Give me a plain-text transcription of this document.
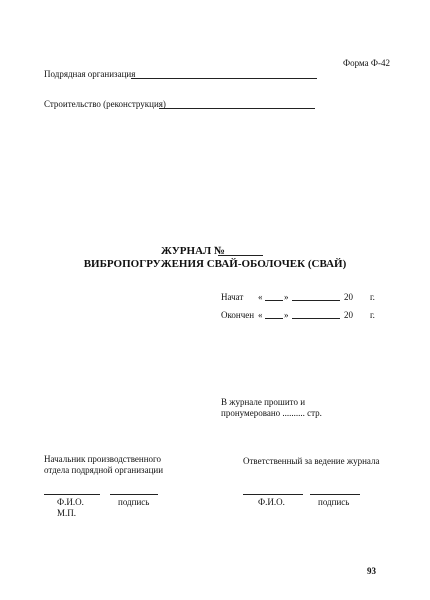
Форма Ф-42
Подрядная организация
Строительство (реконструкция)
ЖУРНАЛ №
ВИБРОПОГРУЖЕНИЯ СВАЙ-ОБОЛОЧЕК (СВАЙ)
Начат « »	20 г.
Окончен « »	20 г.
В журнале прошито и
пронумеровано .......... стр.
Начальник производственного
отдела подрядной организации
Ф.И.О.	подпись
М.П.
Ответственный за ведение журнала
Ф.И.О.	подпись
93
